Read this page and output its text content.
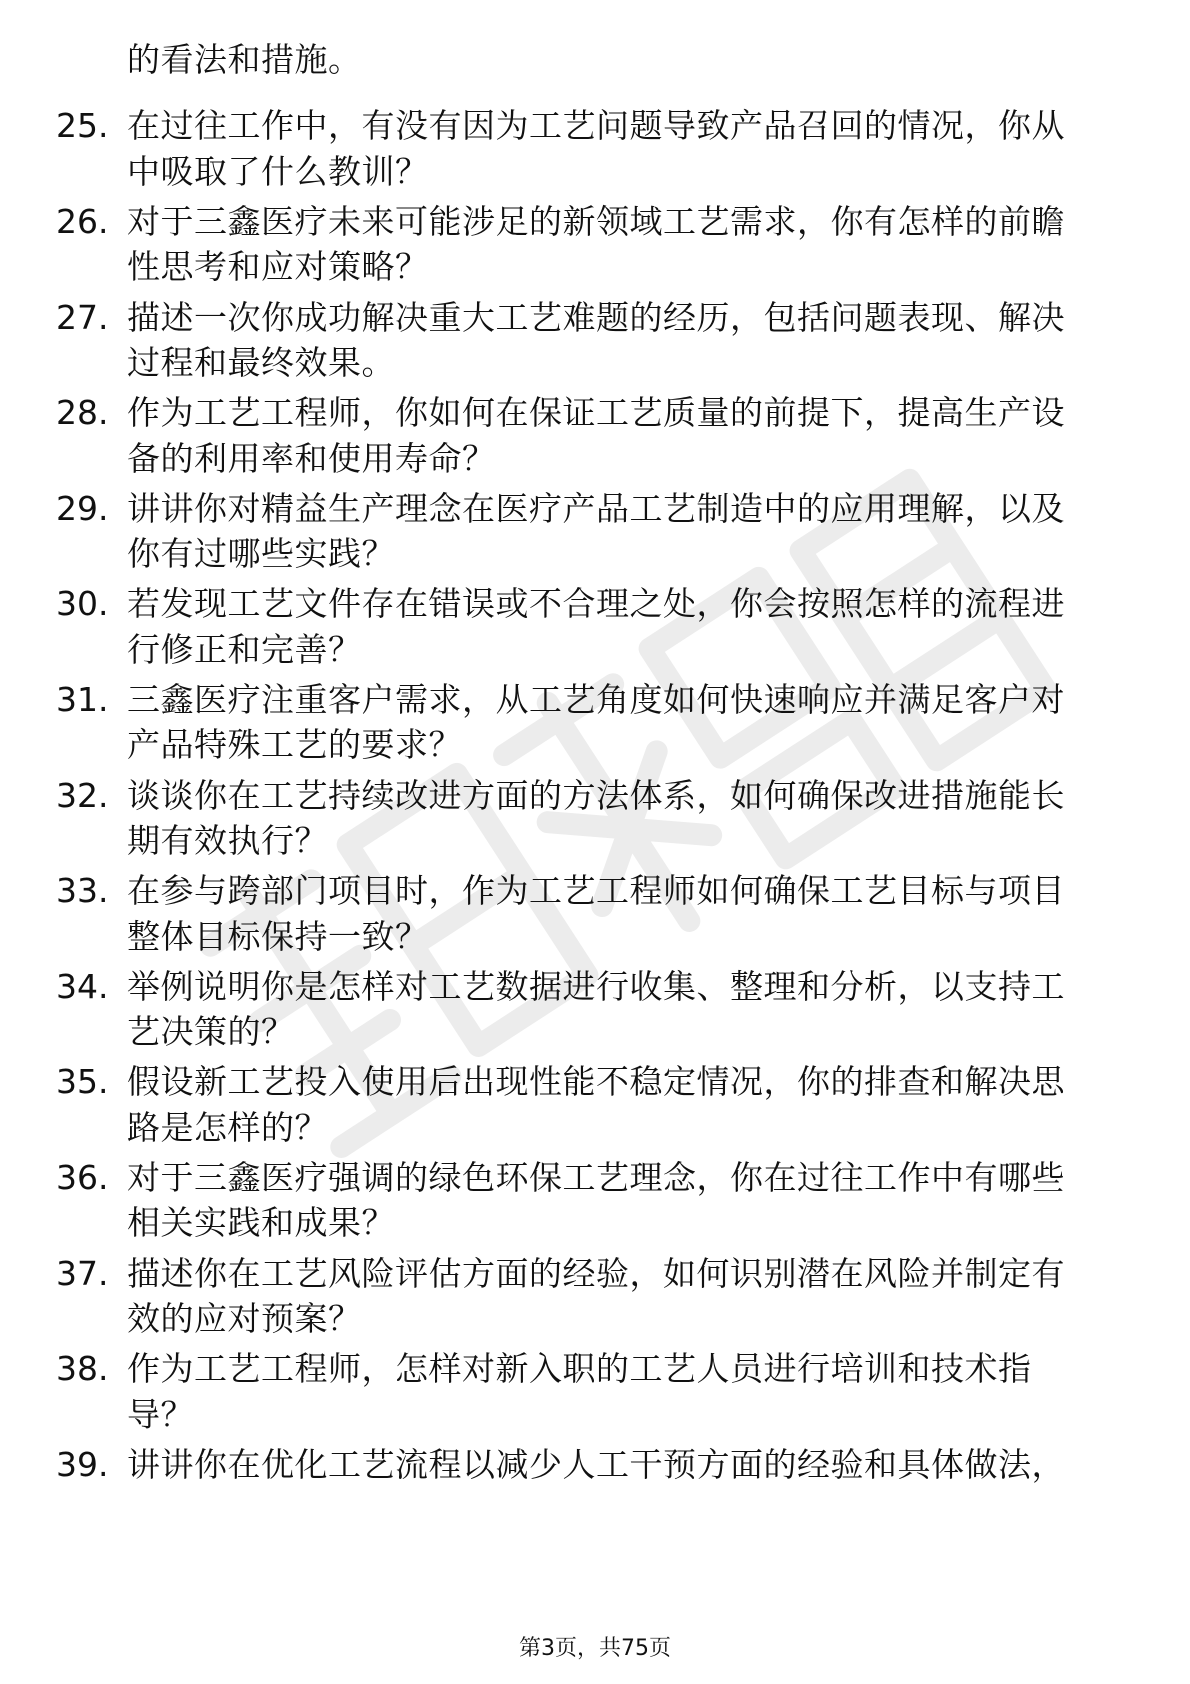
的看法和措施。
25. 在过往工作中，有没有因为工艺问题导致产品召回的情况，你从
中吸取了什么教训？
26. 对于三鑫医疗未来可能涉足的新领域工艺需求，你有怎样的前瞻
性思考和应对策略？
27. 描述一次你成功解决重大工艺难题的经历，包括问题表现、解决
过程和最终效果。
28. 作为工艺工程师，你如何在保证工艺质量的前提下，提高生产设
备的利用率和使用寿命？
29. 讲讲你对精益生产理念在医疗产品工艺制造中的应用理解，以及
你有过哪些实践？
30. 若发现工艺文件存在错误或不合理之处，你会按照怎样的流程进
行修正和完善？
31. 三鑫医疗注重客户需求，从工艺角度如何快速响应并满足客户对
产品特殊工艺的要求？
32. 谈谈你在工艺持续改进方面的方法体系，如何确保改进措施能长
期有效执行？
33. 在参与跨部门项目时，作为工艺工程师如何确保工艺目标与项目
整体目标保持一致？
34. 举例说明你是怎样对工艺数据进行收集、整理和分析，以支持工
艺决策的？
35. 假设新工艺投入使用后出现性能不稳定情况，你的排查和解决思
路是怎样的？
36. 对于三鑫医疗强调的绿色环保工艺理念，你在过往工作中有哪些
相关实践和成果？
37. 描述你在工艺风险评估方面的经验，如何识别潜在风险并制定有
效的应对预案？
38. 作为工艺工程师，怎样对新入职的工艺人员进行培训和技术指
导？
39. 讲讲你在优化工艺流程以减少人工干预方面的经验和具体做法，
第3页，共75页
